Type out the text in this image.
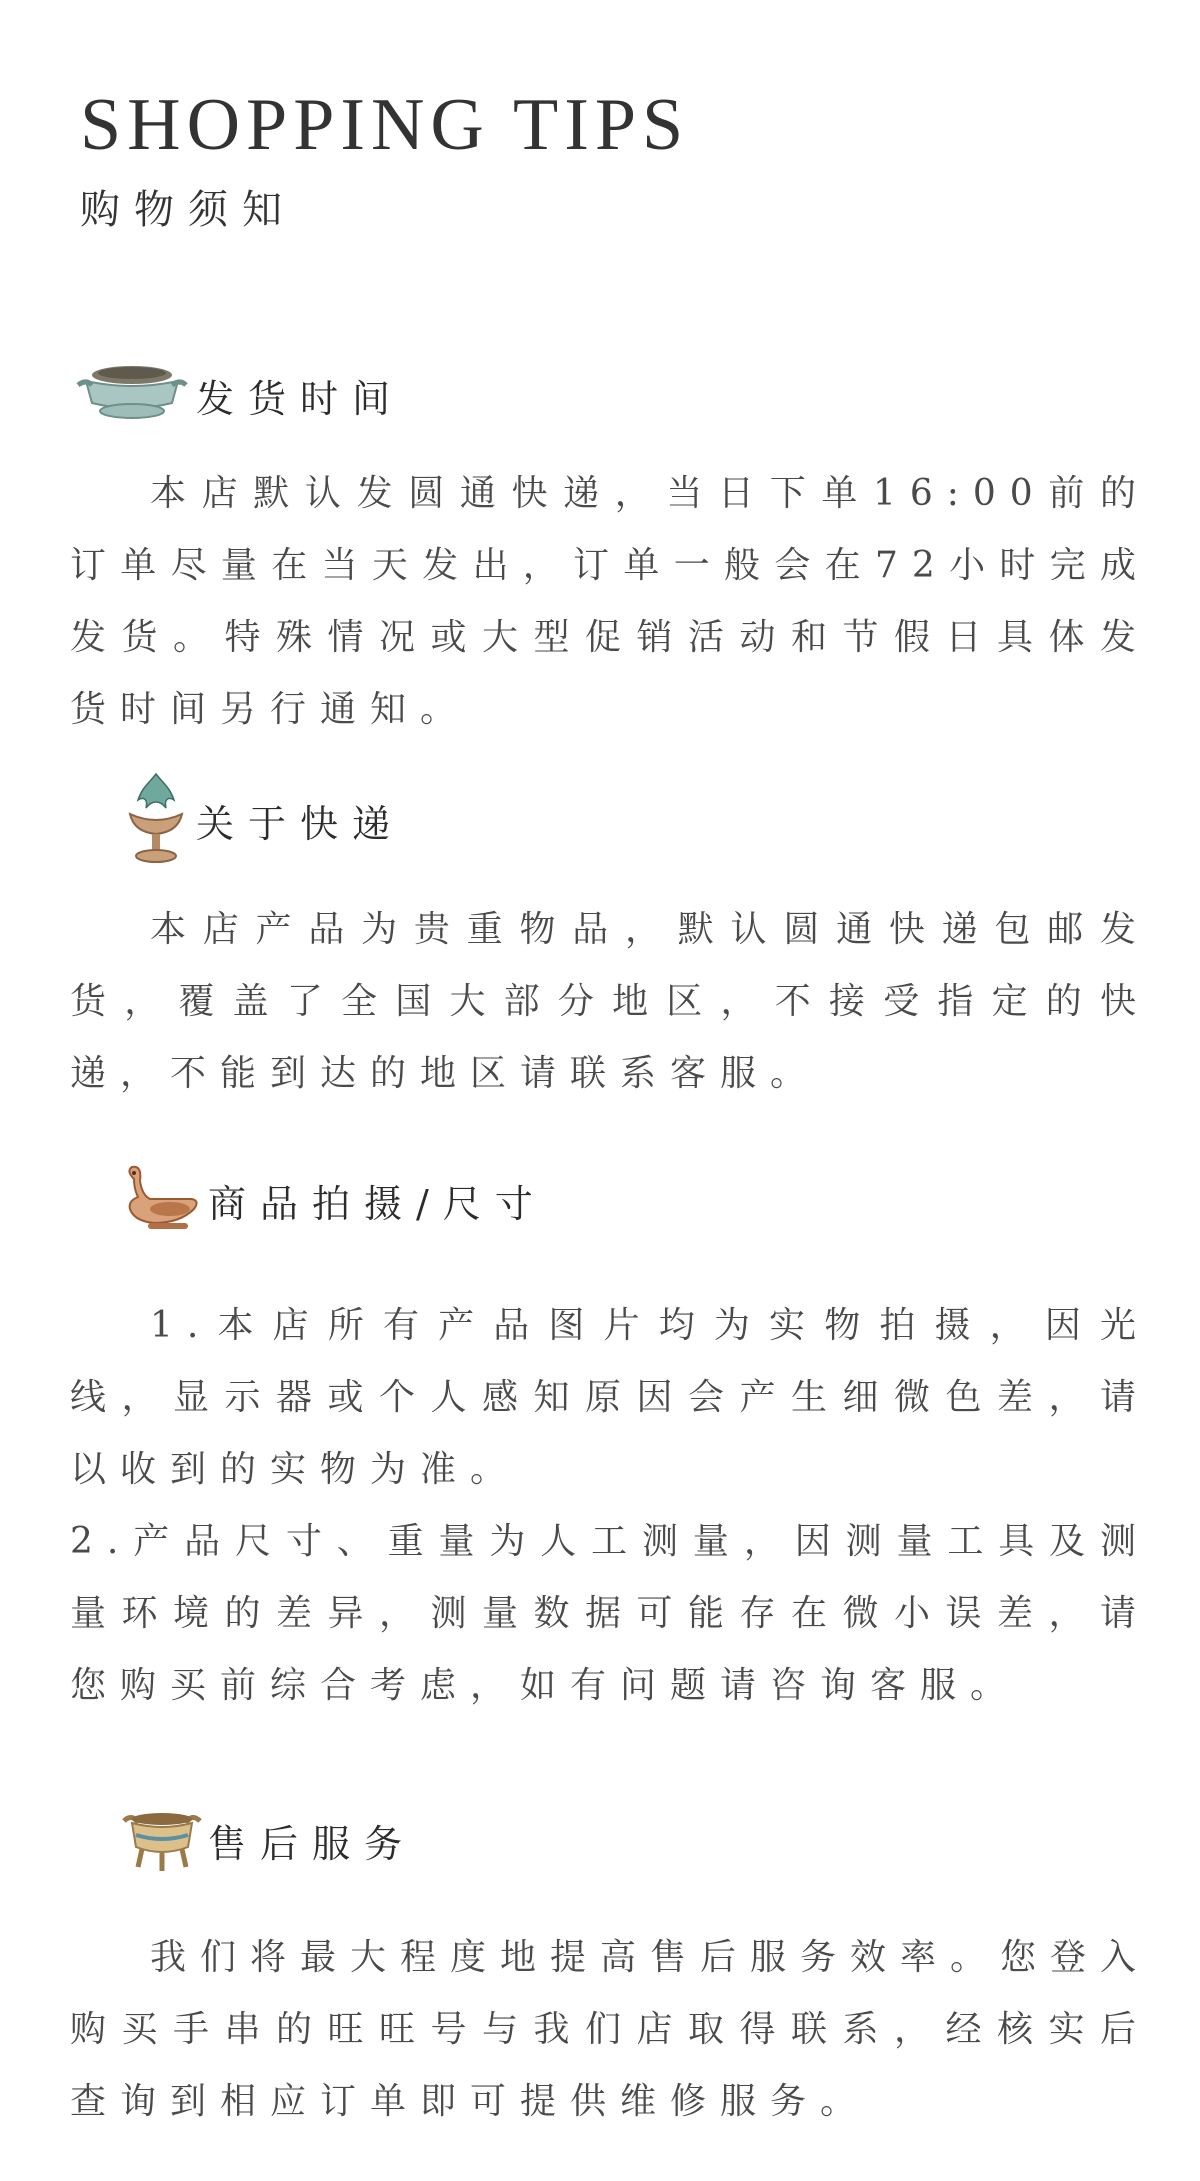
SHOPPING TIPS
购物须知
发货时间

本店默认发圆通快递，当日下单16:00前的订单尽量在当天发出，订单一般会在72小时完成发货。特殊情况或大型促销活动和节假日具体发货时间另行通知。

关于快递

本店产品为贵重物品，默认圆通快递包邮发货，覆盖了全国大部分地区，不接受指定的快递，不能到达的地区请联系客服。

商品拍摄/尺寸

1.本店所有产品图片均为实物拍摄，因光线，显示器或个人感知原因会产生细微色差，请以收到的实物为准。

2.产品尺寸、重量为人工测量，因测量工具及测量环境的差异，测量数据可能存在微小误差，请您购买前综合考虑，如有问题请咨询客服。

售后服务

我们将最大程度地提高售后服务效率。您登入购买手串的旺旺号与我们店取得联系，经核实后查询到相应订单即可提供维修服务。
